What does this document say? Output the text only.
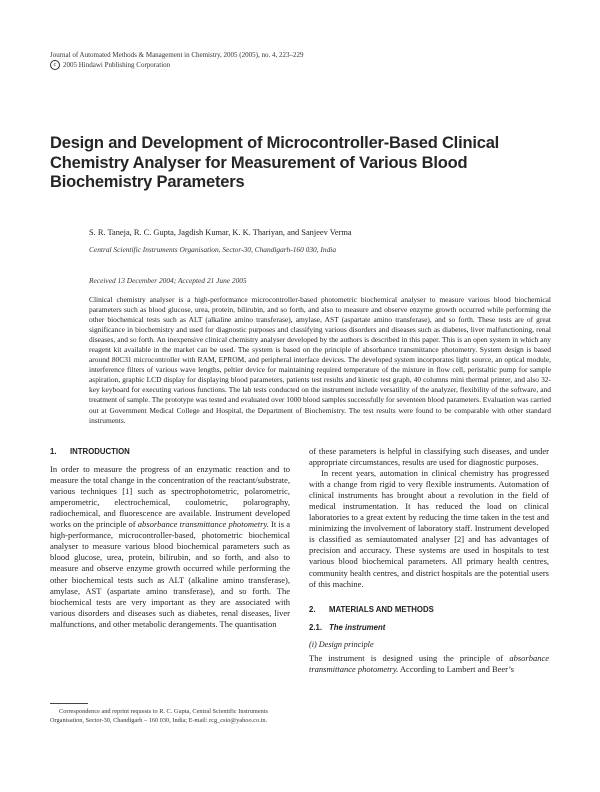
Journal of Automated Methods & Management in Chemistry, 2005 (2005), no. 4, 223–229
c 2005 Hindawi Publishing Corporation
Design and Development of Microcontroller-Based Clinical Chemistry Analyser for Measurement of Various Blood Biochemistry Parameters
S. R. Taneja, R. C. Gupta, Jagdish Kumar, K. K. Thariyan, and Sanjeev Verma
Central Scientific Instruments Organisation, Sector-30, Chandigarh-160 030, India
Received 13 December 2004; Accepted 21 June 2005

Clinical chemistry analyser is a high-performance microcontroller-based photometric biochemical analyser to measure various blood biochemical parameters such as blood glucose, urea, protein, bilirubin, and so forth, and also to measure and observe enzyme growth occurred while performing the other biochemical tests such as ALT (alkaline amino transferase), amylase, AST (aspartate amino transferase), and so forth. These tests are of great significance in biochemistry and used for diagnostic purposes and classifying various disorders and diseases such as diabetes, liver malfunctioning, renal diseases, and so forth. An inexpensive clinical chemistry analyser developed by the authors is described in this paper. This is an open system in which any reagent kit available in the market can be used. The system is based on the principle of absorbance transmittance photometry. System design is based around 80C31 microcontroller with RAM, EPROM, and peripheral interface devices. The developed system incorporates light source, an optical module, interference filters of various wave lengths, peltier device for maintaining required temperature of the mixture in flow cell, peristaltic pump for sample aspiration, graphic LCD display for displaying blood parameters, patients test results and kinetic test graph, 40 columns mini thermal printer, and also 32-key keyboard for executing various functions. The lab tests conducted on the instrument include versatility of the analyzer, flexibility of the software, and treatment of sample. The prototype was tested and evaluated over 1000 blood samples successfully for seventeen blood parameters. Evaluation was carried out at Government Medical College and Hospital, the Department of Biochemistry. The test results were found to be comparable with other standard instruments.

1. INTRODUCTION

In order to measure the progress of an enzymatic reaction and to measure the total change in the concentration of the reactant/substrate, various techniques [1] such as spectrophotometric, polarometric, amperometric, electrochemical, coulometric, polarography, radiochemical, and fluorescence are available. Instrument developed works on the principle of absorbance transmittance photometry. It is a high-performance, microcontroller-based, photometric biochemical analyser to measure various blood biochemical parameters such as blood glucose, urea, protein, bilirubin, and so forth, and also to measure and observe enzyme growth occurred while performing the other biochemical tests such as ALT (alkaline amino transferase), amylase, AST (aspartate amino transferase), and so forth. The biochemical tests are very important as they are associated with various disorders and diseases such as diabetes, renal diseases, liver malfunctions, and other metabolic derangements. The quantisation

Correspondence and reprint requests to R. C. Gupta, Central Scientific Instruments Organisation, Sector-30, Chandigarh – 160 030, India; E-mail: rcg_csio@yahoo.co.in.

of these parameters is helpful in classifying such diseases, and under appropriate circumstances, results are used for diagnostic purposes.

In recent years, automation in clinical chemistry has progressed with a change from rigid to very flexible instruments. Automation of clinical instruments has brought about a revolution in the field of medical instrumentation. It has reduced the load on clinical laboratories to a great extent by reducing the time taken in the test and minimizing the involvement of laboratory staff. Instrument developed is classified as semiautomated analyser [2] and has advantages of precision and accuracy. These systems are used in hospitals to test various blood biochemical parameters. All primary health centres, community health centres, and district hospitals are the potential users of this machine.

2. MATERIALS AND METHODS
2.1. The instrument
(i) Design principle

The instrument is designed using the principle of absorbance transmittance photometry. According to Lambert and Beer’s
